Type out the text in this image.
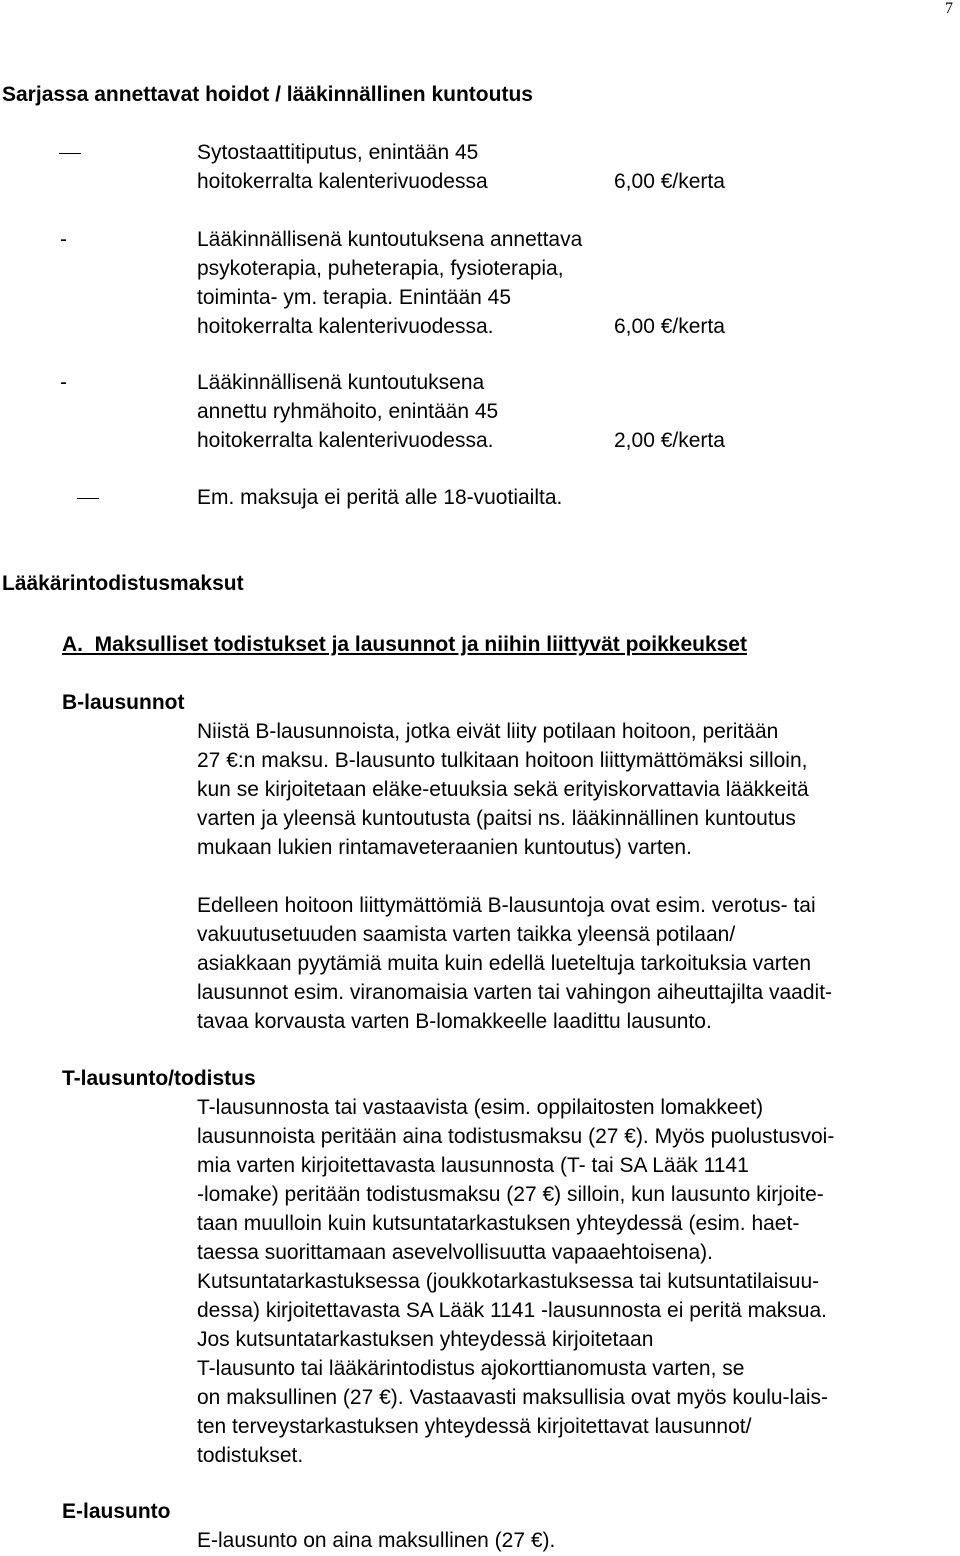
7
Sarjassa annettavat hoidot / lääkinnällinen kuntoutus
Sytostaattitiputus, enintään 45
hoitokerralta kalenterivuodessa	6,00 €/kerta
-	Lääkinnällisenä kuntoutuksena annettava
psykoterapia, puheterapia, fysioterapia,
toiminta- ym. terapia. Enintään 45
hoitokerralta kalenterivuodessa.	6,00 €/kerta
-	Lääkinnällisenä kuntoutuksena
annettu ryhmähoito, enintään 45
hoitokerralta kalenterivuodessa.	2,00 €/kerta
Em. maksuja ei peritä alle 18-vuotiailta.
Lääkärintodistusmaksut
A.  Maksulliset todistukset ja lausunnot ja niihin liittyvät poikkeukset
B-lausunnot
Niistä B-lausunnoista, jotka eivät liity potilaan hoitoon, peritään
27 €:n maksu. B-lausunto tulkitaan hoitoon liittymättömäksi silloin,
kun se kirjoitetaan eläke-etuuksia sekä erityiskorvattavia lääkkeitä
varten ja yleensä kuntoutusta (paitsi ns. lääkinnällinen kuntoutus
mukaan lukien rintamaveteraanien kuntoutus) varten.
Edelleen hoitoon liittymättömiä B-lausuntoja ovat esim. verotus- tai
vakuutusetuuden saamista varten taikka yleensä potilaan/
asiakkaan pyytämiä muita kuin edellä lueteltuja tarkoituksia varten
lausunnot esim. viranomaisia varten tai vahingon aiheuttajilta vaadit-
tavaa korvausta varten B-lomakkeelle laadittu lausunto.
T-lausunto/todistus
T-lausunnosta tai vastaavista (esim. oppilaitosten lomakkeet)
lausunnoista peritään aina todistusmaksu (27 €). Myös puolustusvoi-
mia varten kirjoitettavasta lausunnosta (T- tai SA Lääk 1141
-lomake) peritään todistusmaksu (27 €) silloin, kun lausunto kirjoite-
taan muulloin kuin kutsuntatarkastuksen yhteydessä (esim. haet-
taessa suorittamaan asevelvollisuutta vapaaehtoisena).
Kutsuntatarkastuksessa (joukkotarkastuksessa tai kutsuntatilaisuu-
dessa) kirjoitettavasta SA Lääk 1141 -lausunnosta ei peritä maksua.
Jos kutsuntatarkastuksen yhteydessä kirjoitetaan
T-lausunto tai lääkärintodistus ajokorttianomusta varten, se
on maksullinen (27 €). Vastaavasti maksullisia ovat myös koulu-lais-
ten terveystarkastuksen yhteydessä kirjoitettavat lausunnot/
todistukset.
E-lausunto
E-lausunto on aina maksullinen (27 €).
